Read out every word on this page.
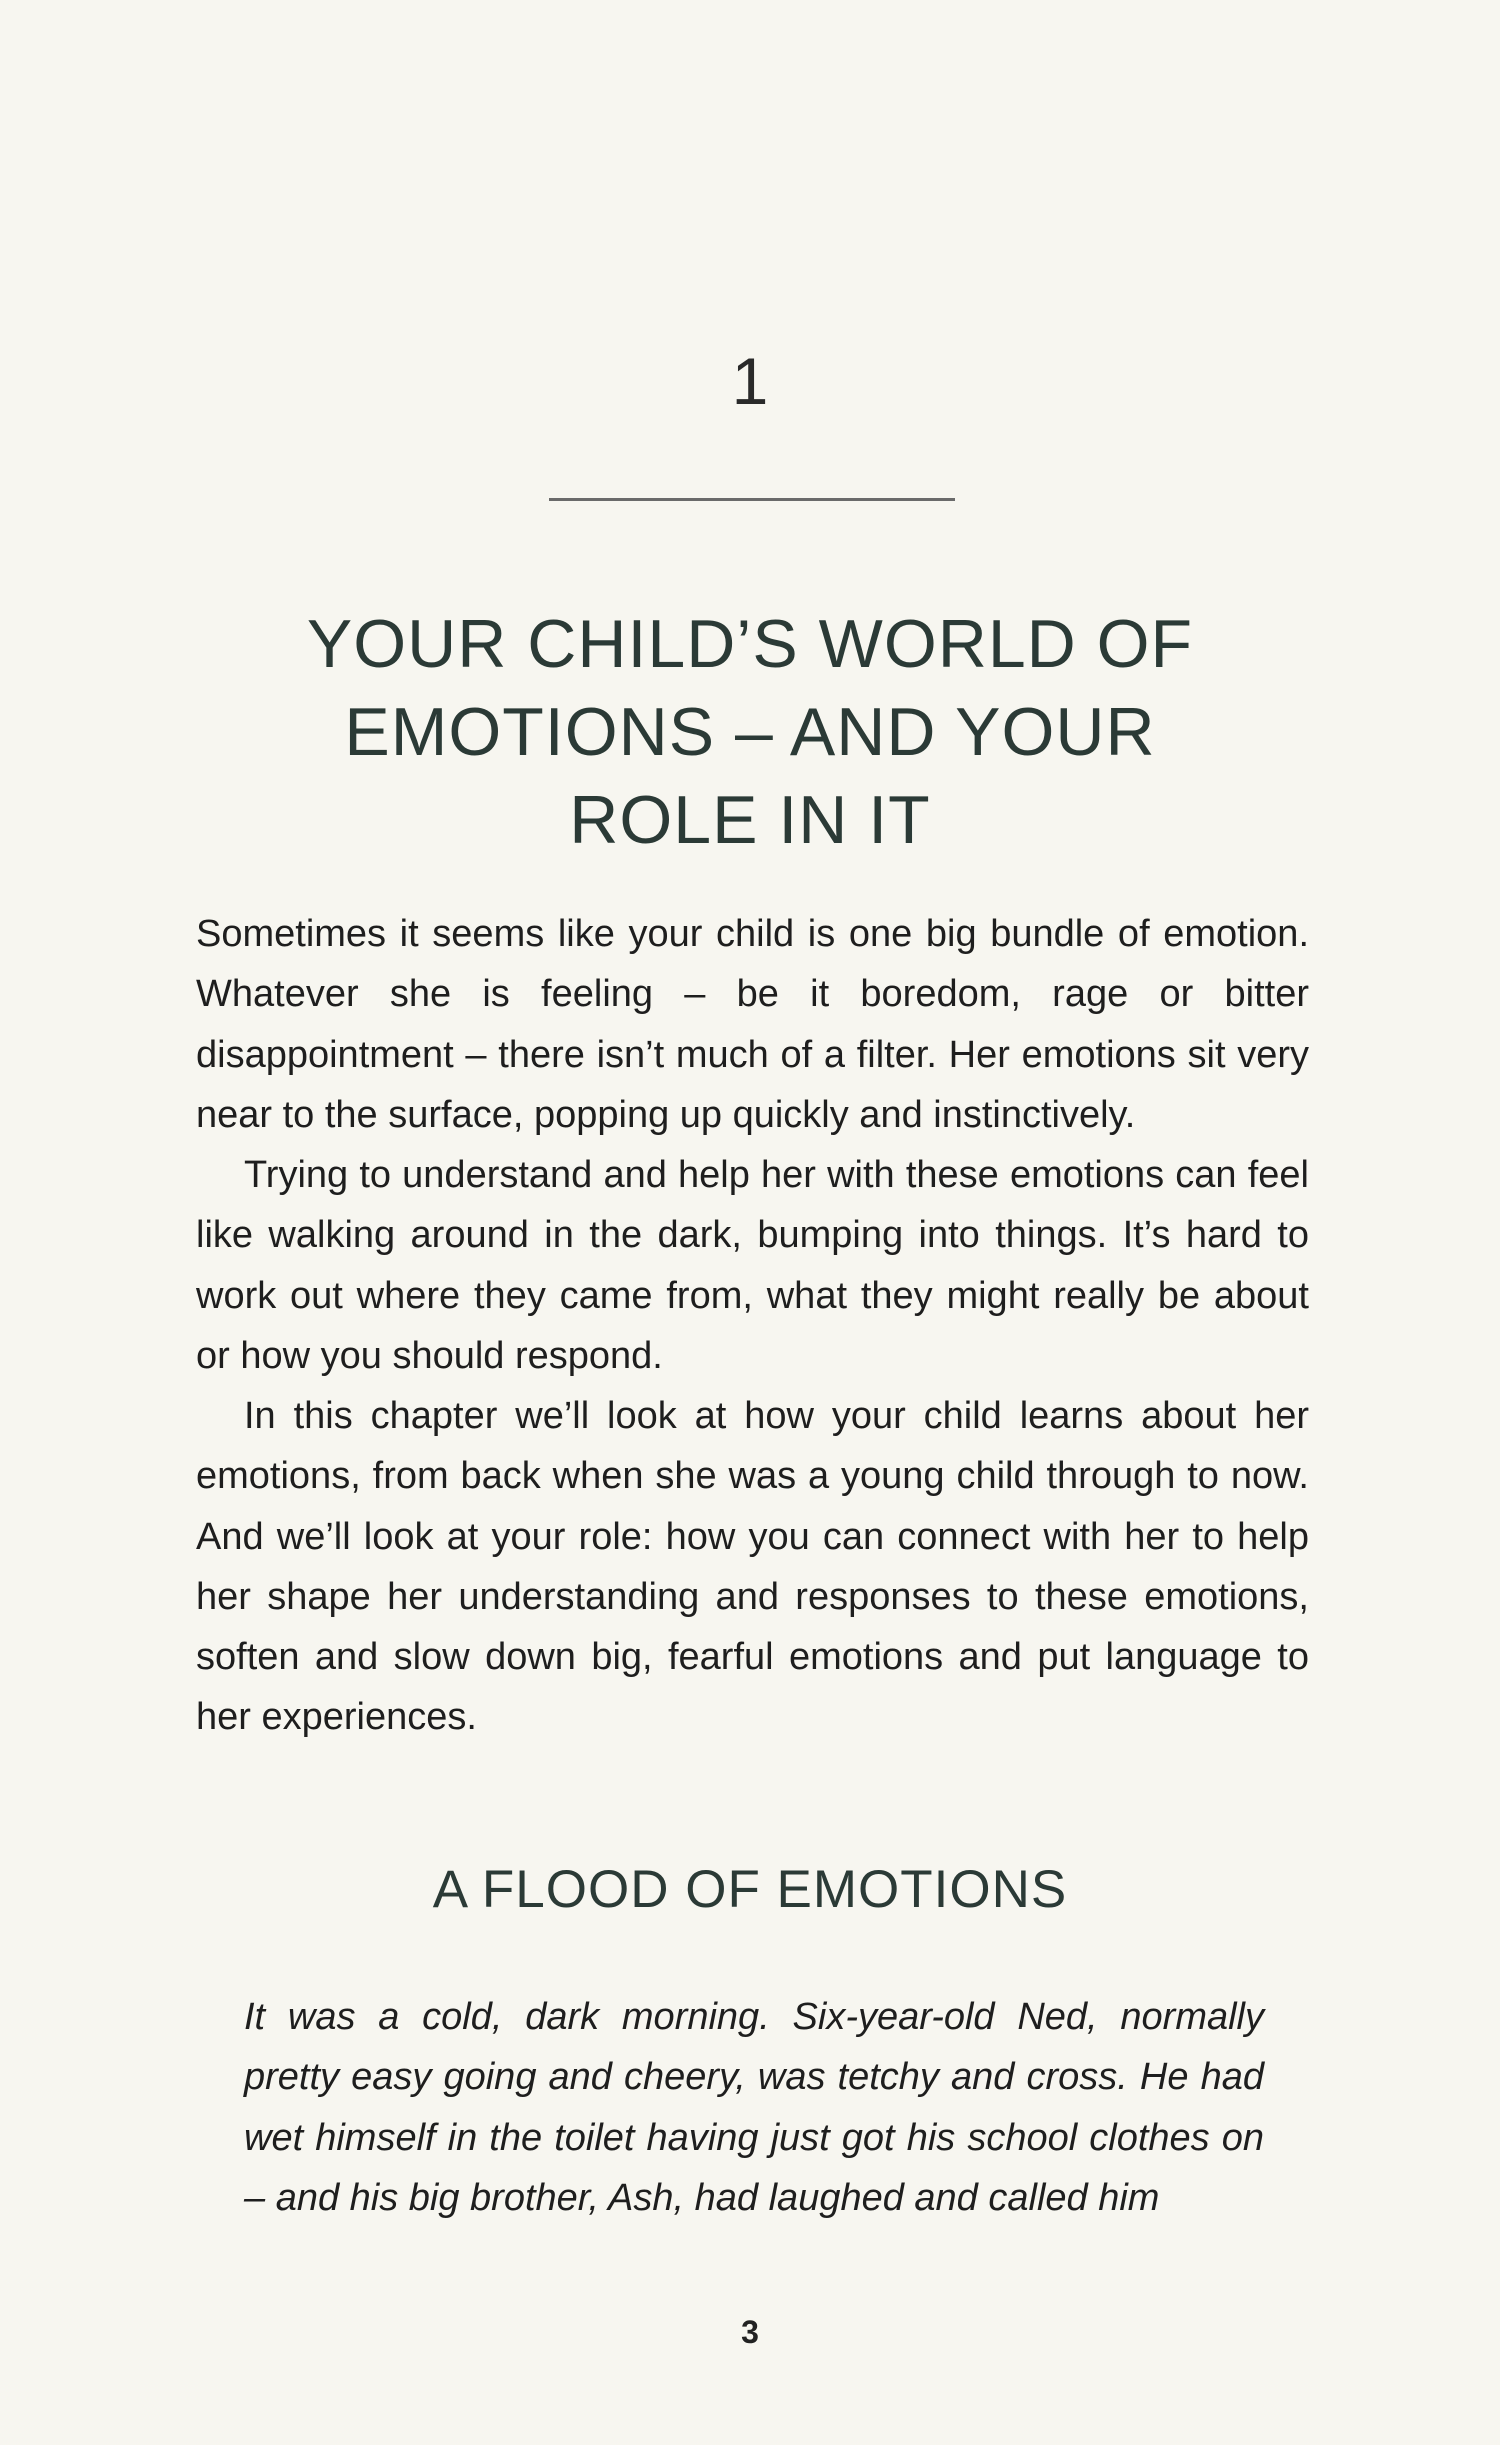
1
YOUR CHILD’S WORLD OF
EMOTIONS – AND YOUR
ROLE IN IT

Sometimes it seems like your child is one big bundle of emotion. Whatever she is feeling – be it boredom, rage or bitter disappointment – there isn’t much of a filter. Her emotions sit very near to the surface, popping up quickly and instinctively.

Trying to understand and help her with these emotions can feel like walking around in the dark, bumping into things. It’s hard to work out where they came from, what they might really be about or how you should respond.

In this chapter we’ll look at how your child learns about her emotions, from back when she was a young child through to now. And we’ll look at your role: how you can connect with her to help her shape her understanding and responses to these emotions, soften and slow down big, fearful emotions and put language to her experiences.

A FLOOD OF EMOTIONS

It was a cold, dark morning. Six-year-old Ned, normally pretty easy going and cheery, was tetchy and cross. He had wet himself in the toilet having just got his school clothes on – and his big brother, Ash, had laughed and called him

3
